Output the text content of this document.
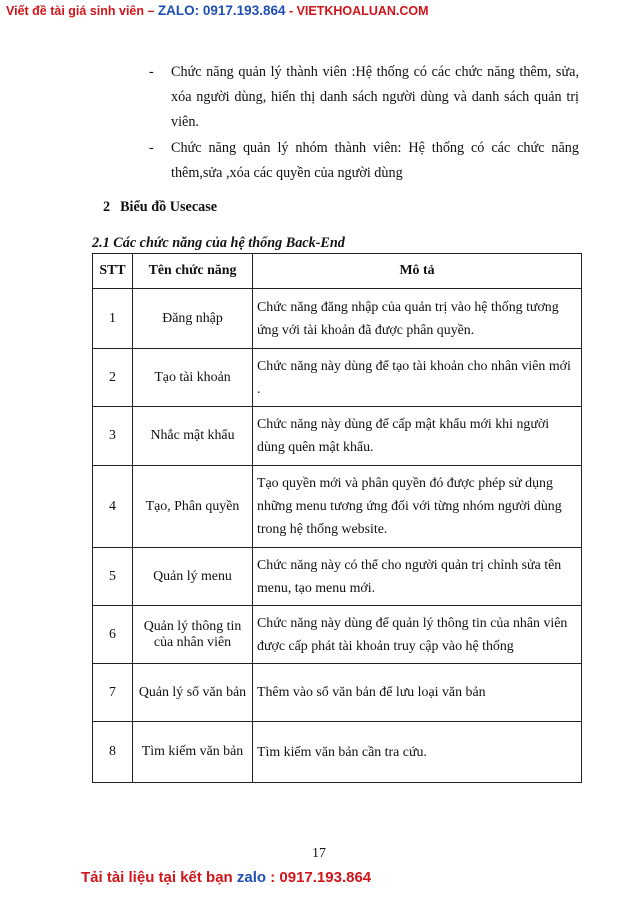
Viết đề tài giá sinh viên – ZALO: 0917.193.864 - VIETKHOALUAN.COM
- Chức năng quản lý thành viên :Hệ thống có các chức năng thêm, sửa, xóa người dùng, hiển thị danh sách người dùng và danh sách quản trị viên.
- Chức năng quản lý nhóm thành viên: Hệ thống có các chức năng thêm,sửa ,xóa các quyền của người dùng
2 Biểu đồ Usecase
2.1 Các chức năng của hệ thống Back-End
STT	Tên chức năng	Mô tả
1	Đăng nhập	Chức năng đăng nhập của quản trị vào hệ thống tương ứng với tài khoản đã được phân quyền.
2	Tạo tài khoản	Chức năng này dùng để tạo tài khoản cho nhân viên mới .
3	Nhắc mật khẩu	Chức năng này dùng để cấp mật khẩu mới khi người dùng quên mật khẩu.
4	Tạo, Phân quyền	Tạo quyền mới và phân quyền đó được phép sử dụng những menu tương ứng đối với từng nhóm người dùng trong hệ thống website.
5	Quản lý menu	Chức năng này có thể cho người quản trị chỉnh sửa tên menu, tạo menu mới.
6	Quản lý thông tin của nhân viên	Chức năng này dùng để quản lý thông tin của nhân viên được cấp phát tài khoản truy cập vào hệ thống
7	Quản lý sổ văn bản	Thêm vào sổ văn bản để lưu loại văn bản
8	Tìm kiếm văn bản	Tìm kiếm văn bản cần tra cứu.
17
Tải tài liệu tại kết bạn zalo : 0917.193.864
